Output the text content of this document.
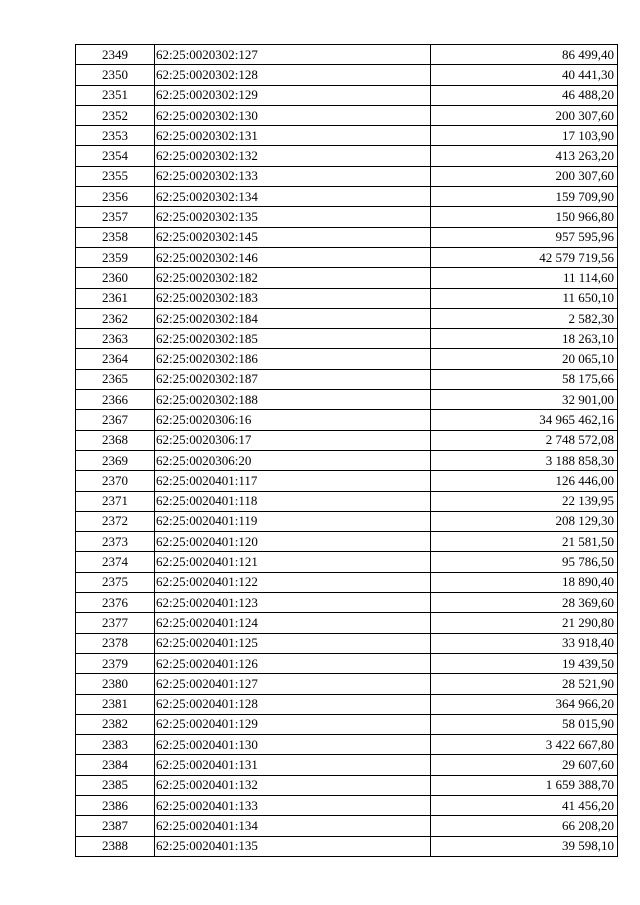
2349	62:25:0020302:127	86 499,40
2350	62:25:0020302:128	40 441,30
2351	62:25:0020302:129	46 488,20
2352	62:25:0020302:130	200 307,60
2353	62:25:0020302:131	17 103,90
2354	62:25:0020302:132	413 263,20
2355	62:25:0020302:133	200 307,60
2356	62:25:0020302:134	159 709,90
2357	62:25:0020302:135	150 966,80
2358	62:25:0020302:145	957 595,96
2359	62:25:0020302:146	42 579 719,56
2360	62:25:0020302:182	11 114,60
2361	62:25:0020302:183	11 650,10
2362	62:25:0020302:184	2 582,30
2363	62:25:0020302:185	18 263,10
2364	62:25:0020302:186	20 065,10
2365	62:25:0020302:187	58 175,66
2366	62:25:0020302:188	32 901,00
2367	62:25:0020306:16	34 965 462,16
2368	62:25:0020306:17	2 748 572,08
2369	62:25:0020306:20	3 188 858,30
2370	62:25:0020401:117	126 446,00
2371	62:25:0020401:118	22 139,95
2372	62:25:0020401:119	208 129,30
2373	62:25:0020401:120	21 581,50
2374	62:25:0020401:121	95 786,50
2375	62:25:0020401:122	18 890,40
2376	62:25:0020401:123	28 369,60
2377	62:25:0020401:124	21 290,80
2378	62:25:0020401:125	33 918,40
2379	62:25:0020401:126	19 439,50
2380	62:25:0020401:127	28 521,90
2381	62:25:0020401:128	364 966,20
2382	62:25:0020401:129	58 015,90
2383	62:25:0020401:130	3 422 667,80
2384	62:25:0020401:131	29 607,60
2385	62:25:0020401:132	1 659 388,70
2386	62:25:0020401:133	41 456,20
2387	62:25:0020401:134	66 208,20
2388	62:25:0020401:135	39 598,10
